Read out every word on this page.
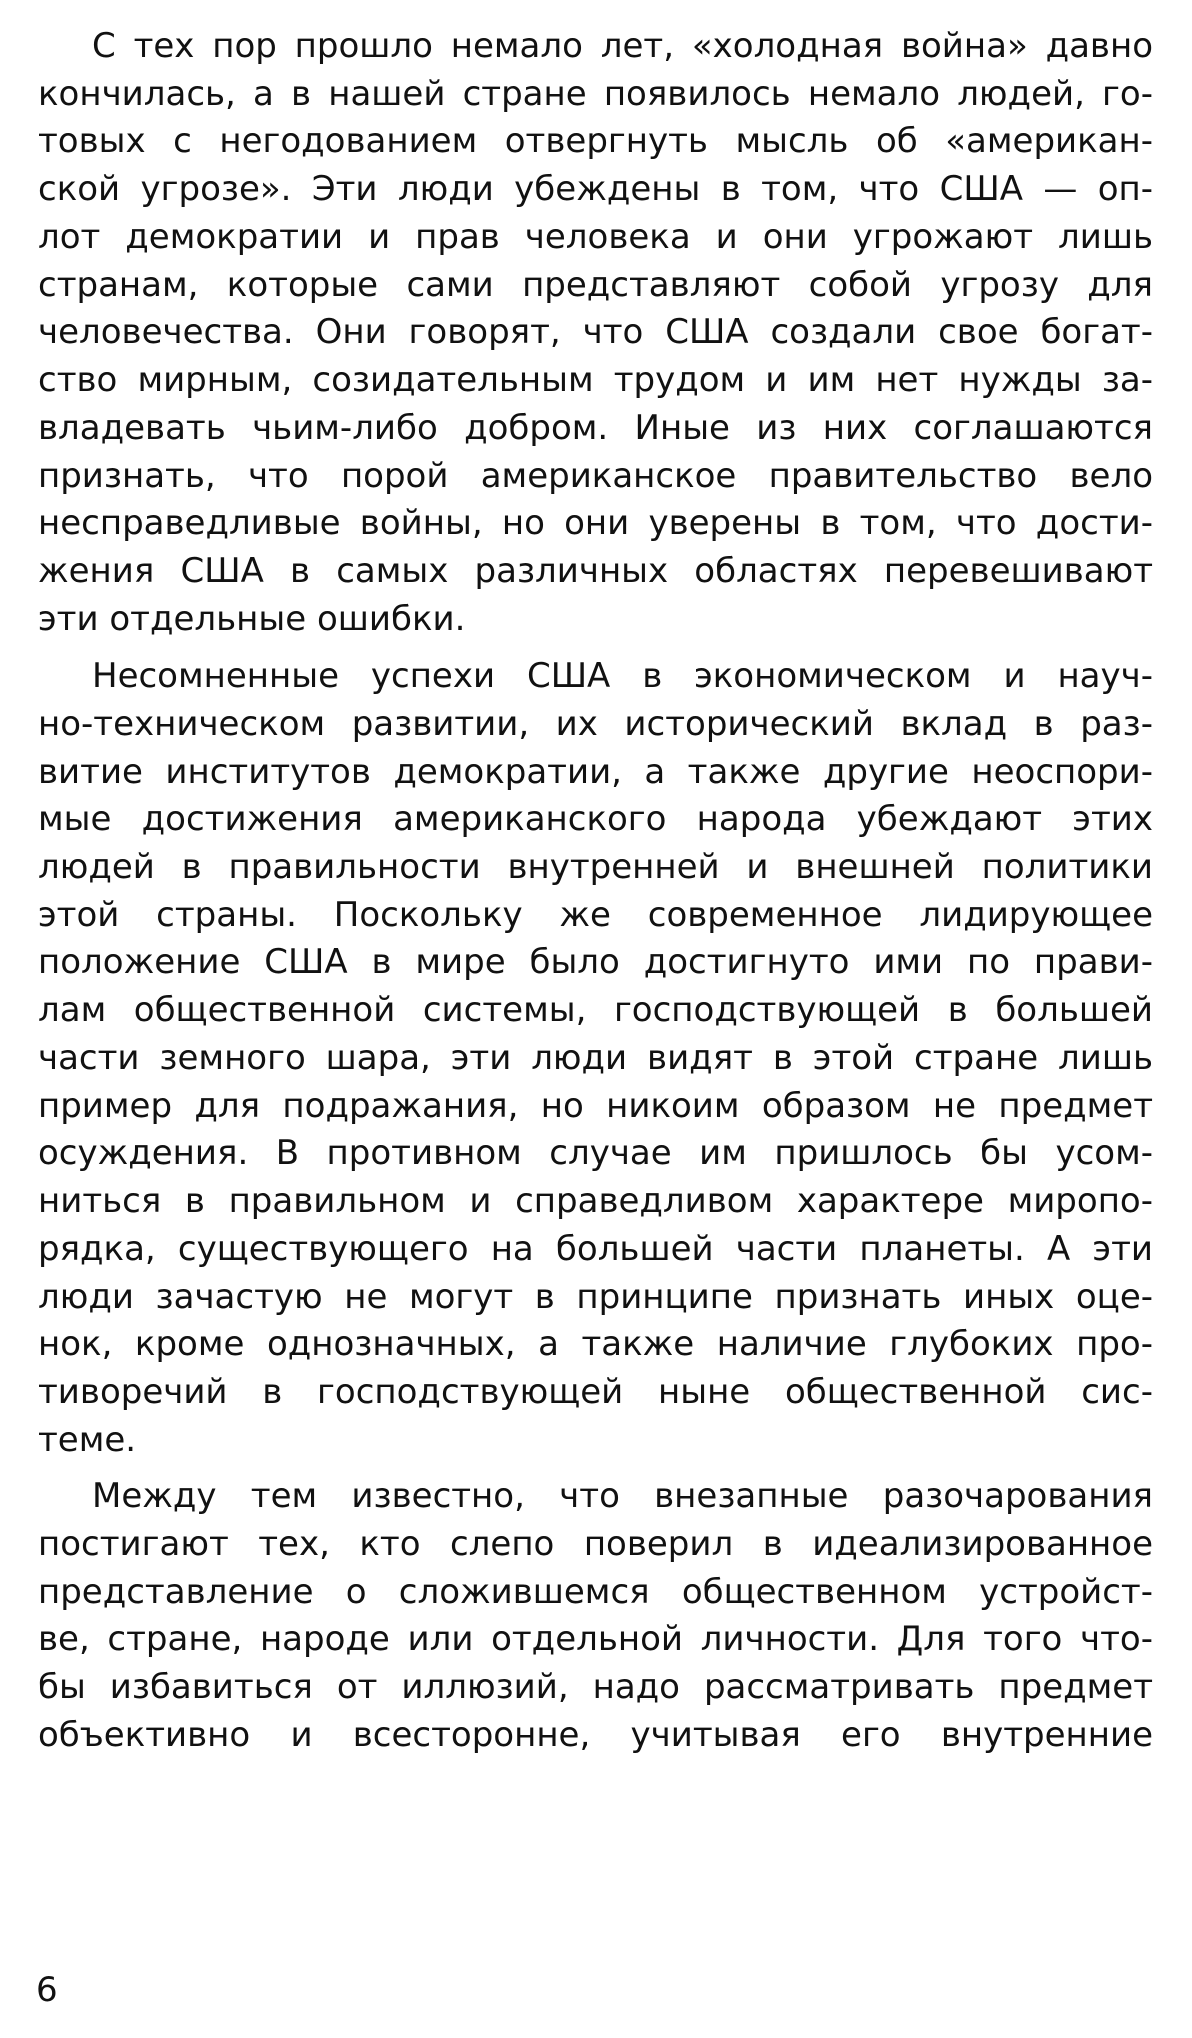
С тех пор прошло немало лет, «холодная война» давно
кончилась, а в нашей стране появилось немало людей, го-
товых с негодованием отвергнуть мысль об «американ-
ской угрозе». Эти люди убеждены в том, что США — оп-
лот демократии и прав человека и они угрожают лишь
странам, которые сами представляют собой угрозу для
человечества. Они говорят, что США создали свое богат-
ство мирным, созидательным трудом и им нет нужды за-
владевать чьим-либо добром. Иные из них соглашаются
признать, что порой американское правительство вело
несправедливые войны, но они уверены в том, что дости-
жения США в самых различных областях перевешивают
эти отдельные ошибки.
Несомненные успехи США в экономическом и науч-
но-техническом развитии, их исторический вклад в раз-
витие институтов демократии, а также другие неоспори-
мые достижения американского народа убеждают этих
людей в правильности внутренней и внешней политики
этой страны. Поскольку же современное лидирующее
положение США в мире было достигнуто ими по прави-
лам общественной системы, господствующей в большей
части земного шара, эти люди видят в этой стране лишь
пример для подражания, но никоим образом не предмет
осуждения. В противном случае им пришлось бы усом-
ниться в правильном и справедливом характере миропо-
рядка, существующего на большей части планеты. А эти
люди зачастую не могут в принципе признать иных оце-
нок, кроме однозначных, а также наличие глубоких про-
тиворечий в господствующей ныне общественной сис-
теме.
Между тем известно, что внезапные разочарования
постигают тех, кто слепо поверил в идеализированное
представление о сложившемся общественном устройст-
ве, стране, народе или отдельной личности. Для того что-
бы избавиться от иллюзий, надо рассматривать предмет
объективно и всесторонне, учитывая его внутренние
6
